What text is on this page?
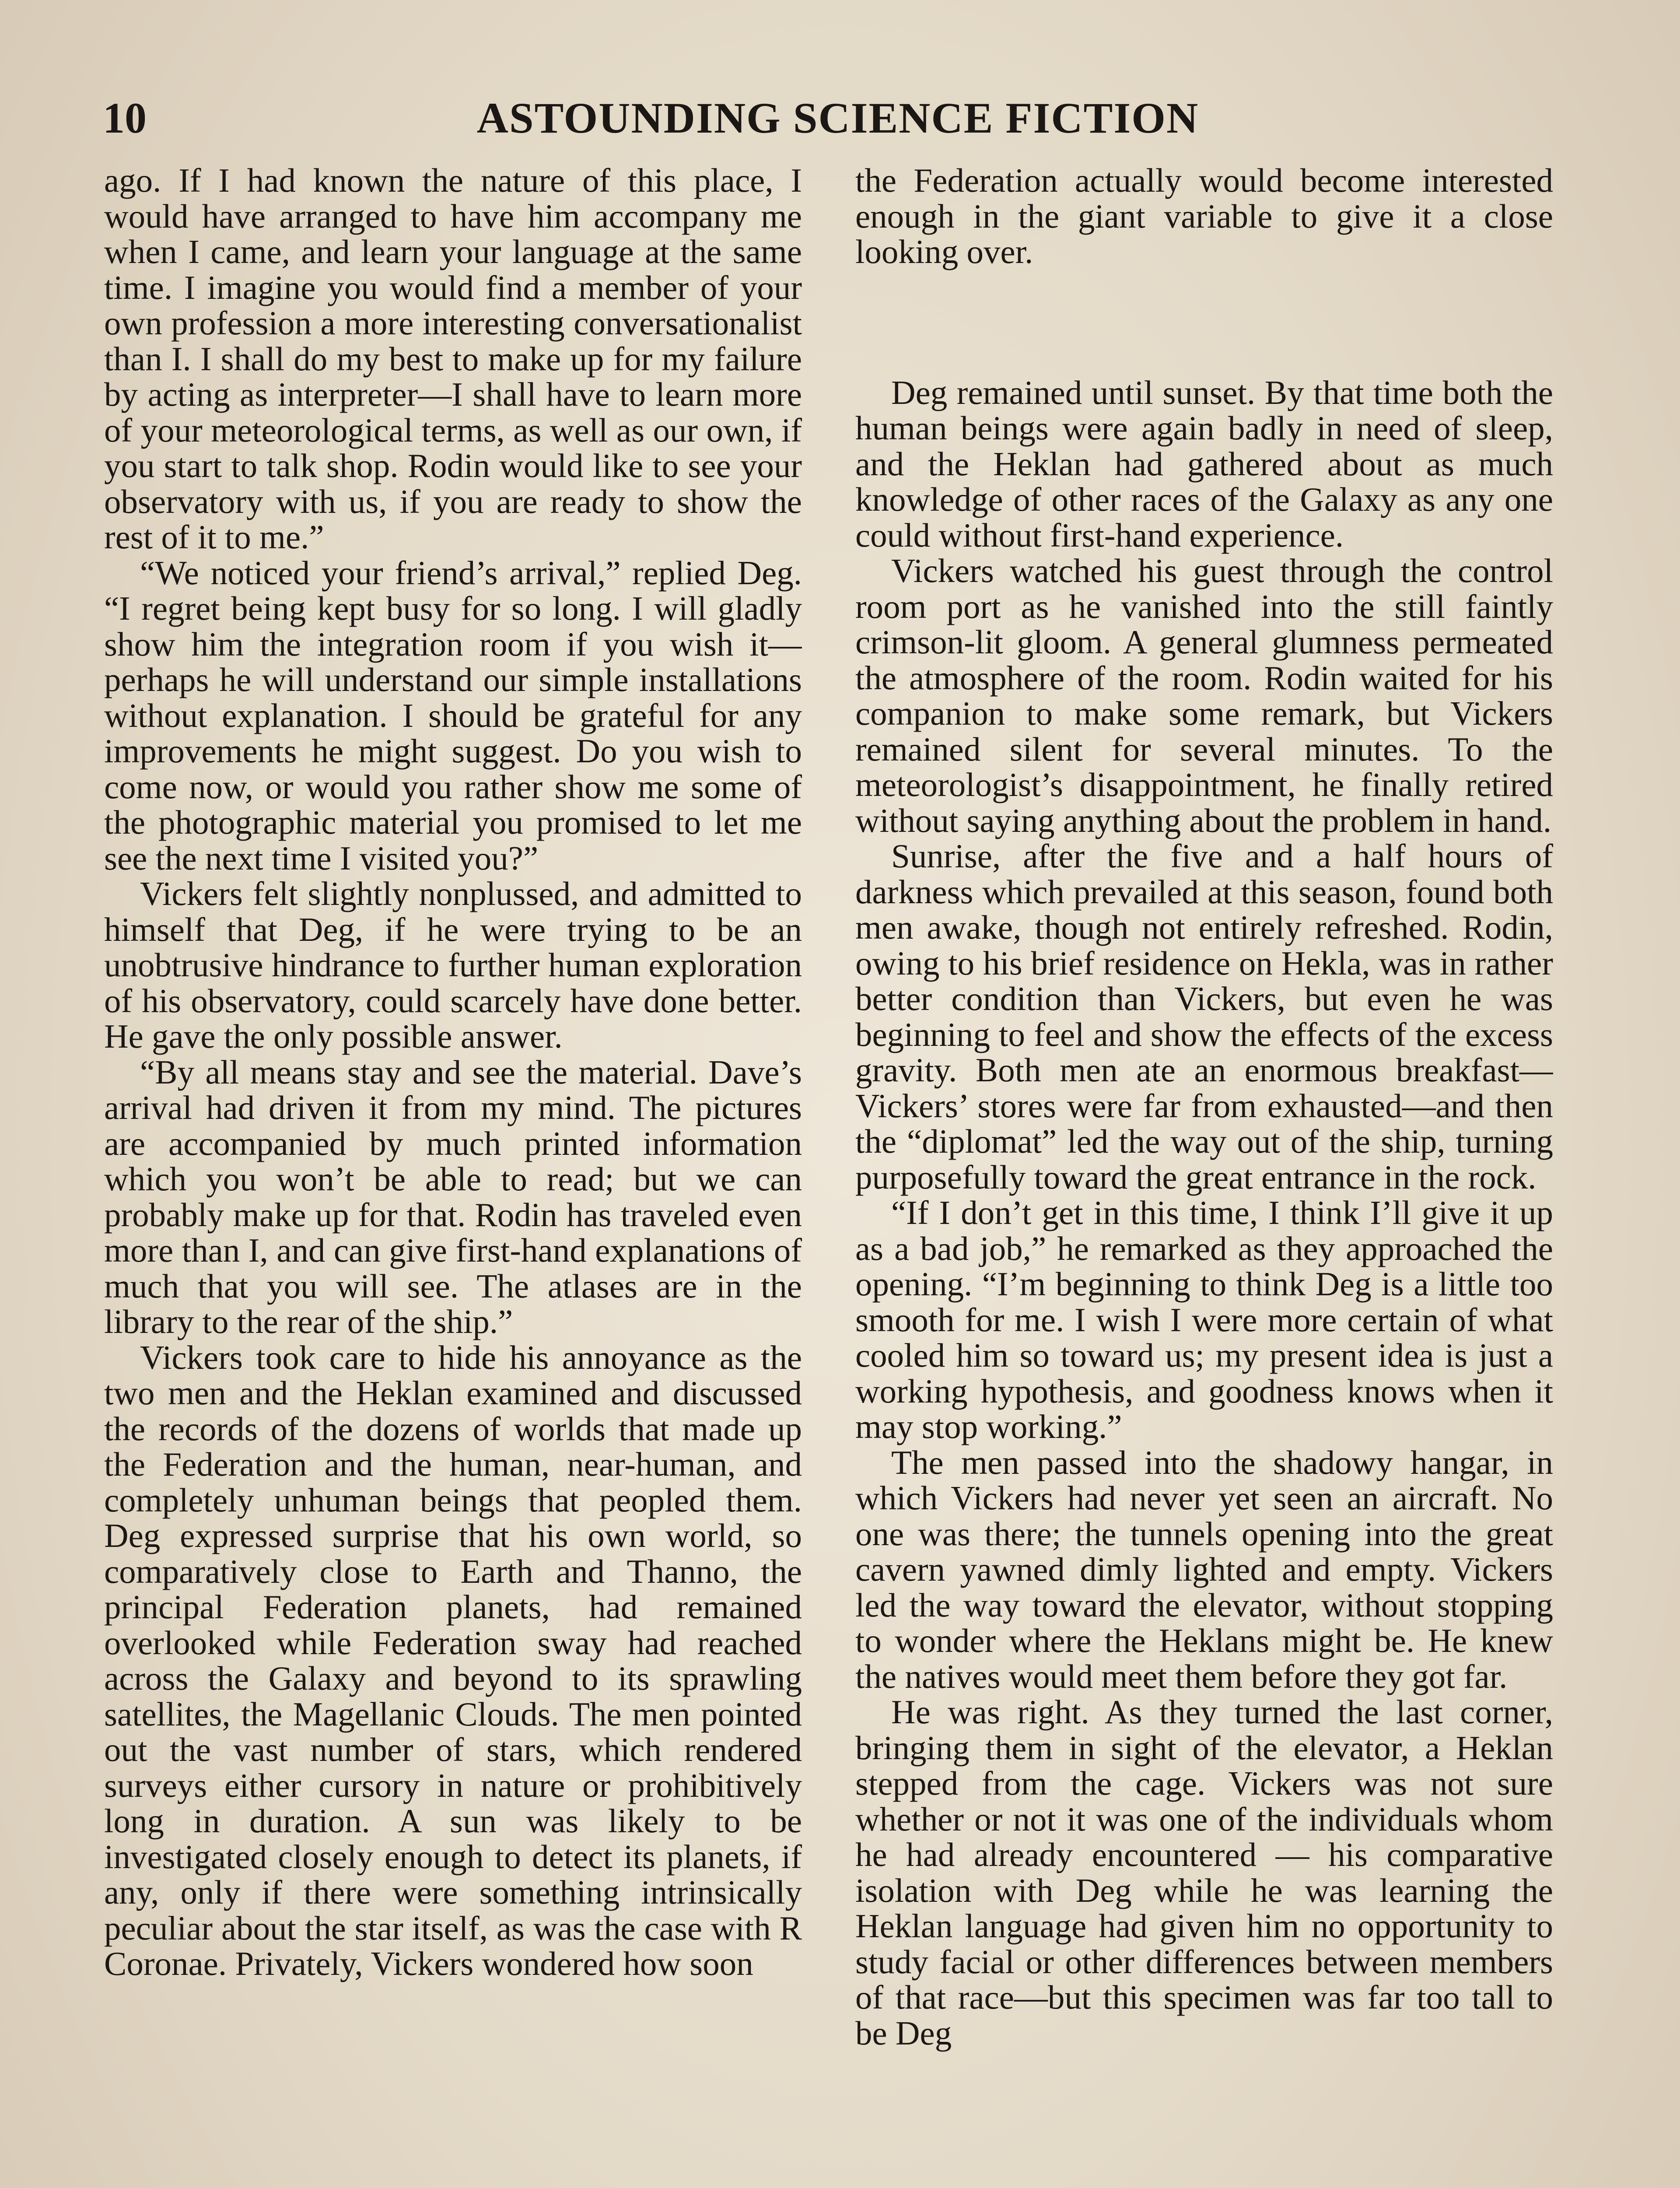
10	ASTOUNDING SCIENCE FICTION

ago. If I had known the nature of this place, I would have arranged to have him accompany me when I came, and learn your language at the same time. I imagine you would find a member of your own profession a more interesting conversationalist than I. I shall do my best to make up for my failure by acting as interpreter—I shall have to learn more of your meteorological terms, as well as our own, if you start to talk shop. Rodin would like to see your observatory with us, if you are ready to show the rest of it to me.”

“We noticed your friend’s arrival,” replied Deg. “I regret being kept busy for so long. I will gladly show him the integration room if you wish it—perhaps he will understand our simple installations without explanation. I should be grateful for any improvements he might suggest. Do you wish to come now, or would you rather show me some of the photographic material you promised to let me see the next time I visited you?”

Vickers felt slightly nonplussed, and admitted to himself that Deg, if he were trying to be an unobtrusive hindrance to further human exploration of his observatory, could scarcely have done better. He gave the only possible answer.

“By all means stay and see the material. Dave’s arrival had driven it from my mind. The pictures are accompanied by much printed information which you won’t be able to read; but we can probably make up for that. Rodin has traveled even more than I, and can give first-hand explanations of much that you will see. The atlases are in the library to the rear of the ship.”

Vickers took care to hide his annoyance as the two men and the Heklan examined and discussed the records of the dozens of worlds that made up the Federation and the human, near-human, and completely unhuman beings that peopled them. Deg expressed surprise that his own world, so comparatively close to Earth and Thanno, the principal Federation planets, had remained overlooked while Federation sway had reached across the Galaxy and beyond to its sprawling satellites, the Magellanic Clouds. The men pointed out the vast number of stars, which rendered surveys either cursory in nature or prohibitively long in duration. A sun was likely to be investigated closely enough to detect its planets, if any, only if there were something intrinsically peculiar about the star itself, as was the case with R Coronae. Privately, Vickers wondered how soon

the Federation actually would become interested enough in the giant variable to give it a close looking over.

Deg remained until sunset. By that time both the human beings were again badly in need of sleep, and the Heklan had gathered about as much knowledge of other races of the Galaxy as any one could without first-hand experience.

Vickers watched his guest through the control room port as he vanished into the still faintly crimson-lit gloom. A general glumness permeated the atmosphere of the room. Rodin waited for his companion to make some remark, but Vickers remained silent for several minutes. To the meteorologist’s disappointment, he finally retired without saying anything about the problem in hand.

Sunrise, after the five and a half hours of darkness which prevailed at this season, found both men awake, though not entirely refreshed. Rodin, owing to his brief residence on Hekla, was in rather better condition than Vickers, but even he was beginning to feel and show the effects of the excess gravity. Both men ate an enormous breakfast—Vickers’ stores were far from exhausted—and then the “diplomat” led the way out of the ship, turning purposefully toward the great entrance in the rock.

“If I don’t get in this time, I think I’ll give it up as a bad job,” he remarked as they approached the opening. “I’m beginning to think Deg is a little too smooth for me. I wish I were more certain of what cooled him so toward us; my present idea is just a working hypothesis, and goodness knows when it may stop working.”

The men passed into the shadowy hangar, in which Vickers had never yet seen an aircraft. No one was there; the tunnels opening into the great cavern yawned dimly lighted and empty. Vickers led the way toward the elevator, without stopping to wonder where the Heklans might be. He knew the natives would meet them before they got far.

He was right. As they turned the last corner, bringing them in sight of the elevator, a Heklan stepped from the cage. Vickers was not sure whether or not it was one of the individuals whom he had already encountered — his comparative isolation with Deg while he was learning the Heklan language had given him no opportunity to study facial or other differences between members of that race—but this specimen was far too tall to be Deg
